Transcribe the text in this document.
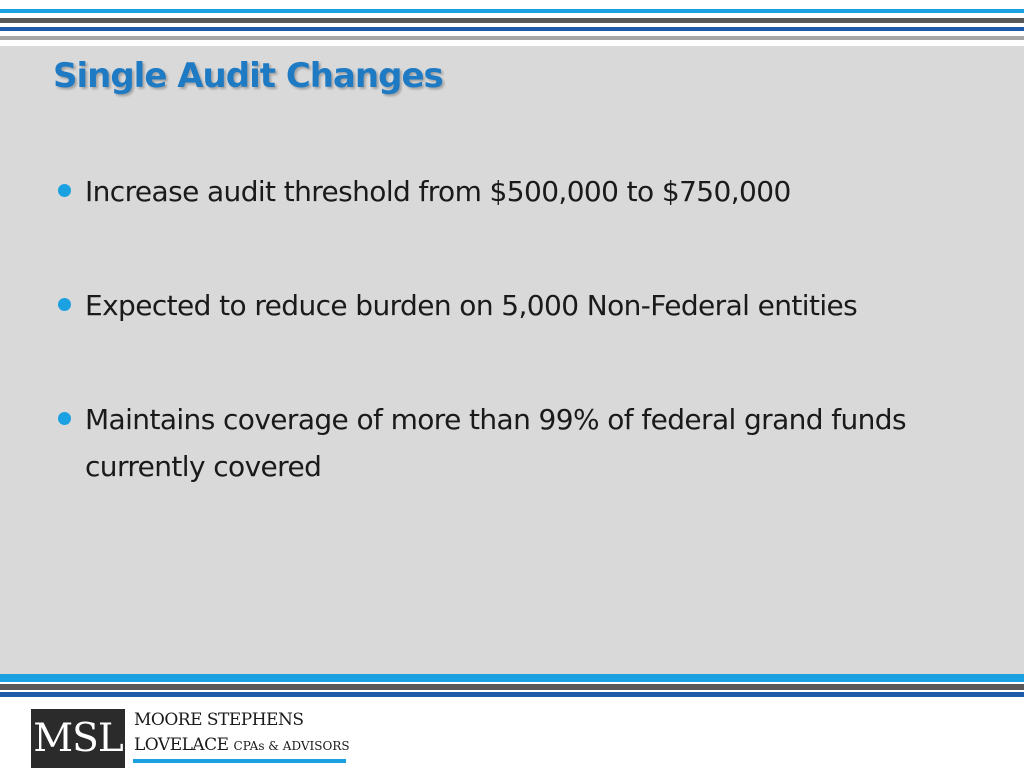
Single Audit Changes
Increase audit threshold from $500,000 to $750,000
Expected to reduce burden on 5,000 Non-Federal entities
Maintains coverage of more than 99% of federal grand funds currently covered
MSL MOORE STEPHENS
LOVELACE CPAs & ADVISORS
